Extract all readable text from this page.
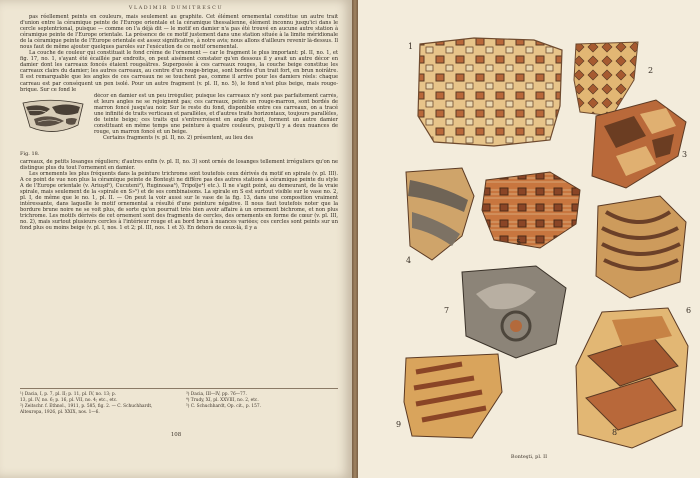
VLADIMIR DUMITRESCU

pas réellement peints en couleurs, mais seulement au graphite. Cet élément ornemental constitue un autre trait d'union entre la céramique peinte de l'Europe orientale et la céramique thessalienne, élément inconnu jusqu'ici dans le cercle septentrional, puisque — comme on l'a déjà dit — le motif en damier n'a pas été trouvé en aucune autre station à céramique peinte de l'Europe orientale. La présence de ce motif justement dans une station située à la limite méridionale de la céramique peinte de l'Europe orientale est assez significative, à notre avis; nous allons d'ailleurs revenir là-dessus. Il nous faut de même ajouter quelques paroles sur l'exécution de ce motif ornemental.

La couche de couleur qui constituait le fond crème de l'ornement — car le fragment le plus important: pl. II, no. 1, et fig. 17, no. 1, s'ayant été écaillée par endroits, on peut aisément constater qu'en dessous il y avait un autre décor en damier dont les carreaux foncés étaient rougeâtres. Superposée à ces carreaux rouges, la couche beige constitue les carreaux clairs du damier; les autres carreaux, au centre d'un rouge-brique, sont bordés d'un trait fort, en brun noirâtre. Il est remarquable que les angles de ces carreaux ne se touchent pas, comme il arrive pour les damiers réels: chaque carreau est par conséquent un pen isolé. Pour un autre fragment (v. pl. II, no. 5), le fond n'est plus beige, mais rouge-brique. Sur ce fond le

Fig. 18.

décor en damier est un peu irrégulier, puisque les carreaux n'y sont pas parfaitement carrés, et leurs angles ne se rejoignent pas; ces carreaux, peints en rouge-marron, sont bordés de marron foncé jusqu'au noir. Sur le reste du fond, disponible entre ces carreaux, on a tracé une infinité de traits verticaux et parallèles, et d'autres traits horizontaux, toujours parallèles, de teinte beige; ces traits qui s'entrecroisent en angle droit, forment un autre damier constituant en même temps une peinture à quatre couleurs, puisqu'il y a deux nuances de rouge, un marron foncé et un beige.

Certains fragments (v. pl. II, no. 2) présentent, au lieu des

carreaux, de petits losanges réguliers; d'autres enfin (v. pl. II, no. 3) sont ornés de losanges tellement irréguliers qu'on ne distingue plus du tout l'ornement en damier.

Les ornements les plus fréquents dans la peinture trichrome sont toutefois ceux dérivés du motif en spirale (v. pl. III). A ce point de vue non plus la céramique peinte de Bonteşti ne diffère pas des autres stations à céramique peinte du style A de l'Europe orientale (v. Ariuşd¹), Cucuteni²), Ruginoasa³), Tripolje⁴) etc.). Il ne s'agit point, au demeurant, de la vraie spirale, mais seulement de la «spirale en S»⁵) et de ses combinaisons. La spirale en S est surtout visible sur le vase no. 2, pl. I, de même que le no. 1, pl. II. — On peut la voir aussi sur le vase de la fig. 13, dans une composition vraiment intéressante, dans laquelle le motif ornemental a résulté d'une peinture négative. Il nous faut toutefois noter que la bordure brune noire ne se voit plus, de sorte qu'on pourrait très bien avoir affaire à un ornement bichrome, et non plus trichrome. Les motifs dérivés de cet ornement sont des fragments de cercles, des ornements en forme de cœur (v. pl. III, no. 2), mais surtout plusieurs cercles à l'intérieur rouge et au bord brun à nuances variées; ces cercles sont peints sur un fond plus ou moins beige (v. pl. I, nos. 1 et 2; pl. III, nos. 1 et 3). En dehors de ceux-là, il y a

¹) Dacia, I, p. 7, pl. II; p. 11, pl. IV, no. 13; p.
13, pl. IV, no. 6; p. 16, pl. VII, no. 4; etc., etc.
²) Zeitschr. f. Ethnol., 1911, p. 585, fig. 2. — C. Schuchhardt, Alteuropa, 1926, pl. XXIX, nos. 1—6.
³) Dacia, III—IV, pp. 76—77.
⁴) Trudy, XI, pl. XXVIII, no. 2, etc.
⁵) C. Schuchhardt, Op. cit., p. 157.
108
1
2
3
4
5
6
7
9
8
Bonteşti, pl. II
